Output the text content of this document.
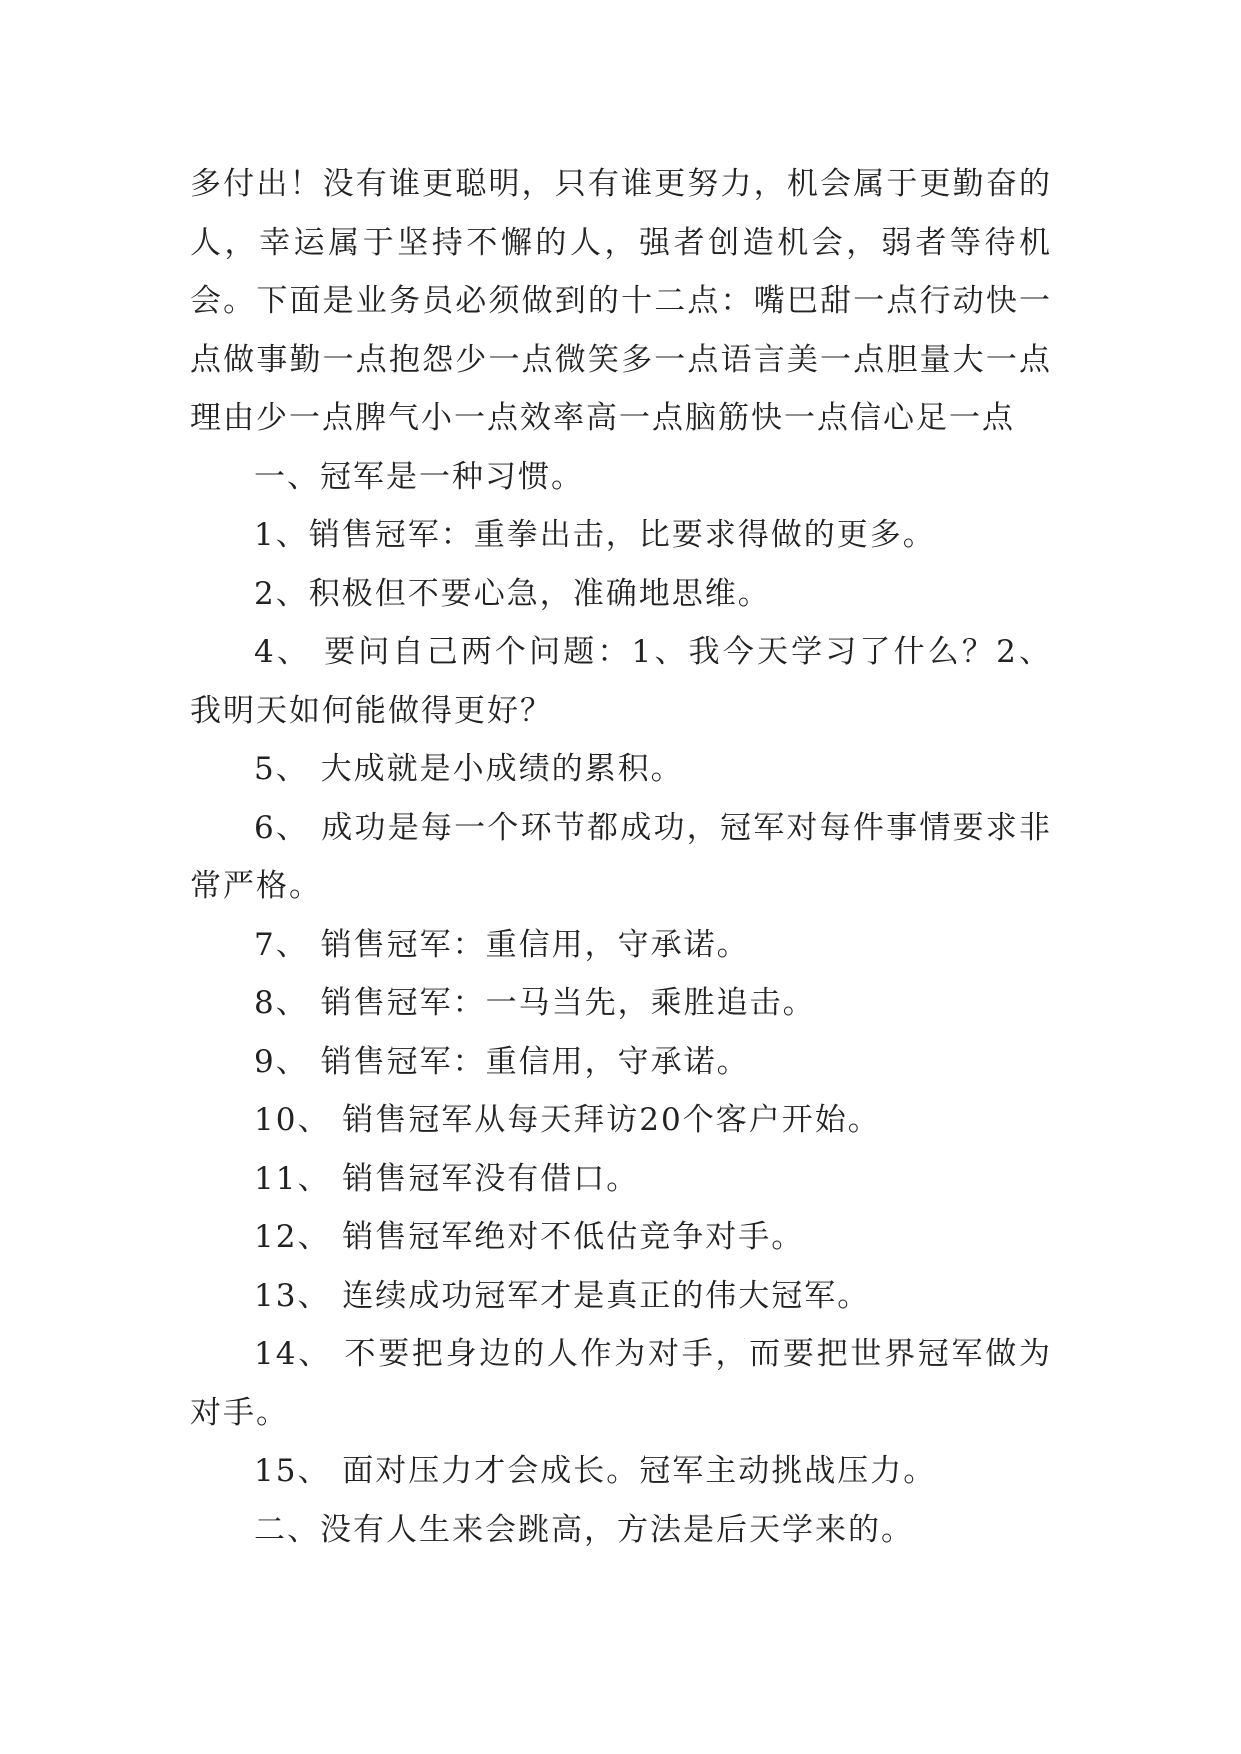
多付出！没有谁更聪明，只有谁更努力，机会属于更勤奋的人，幸运属于坚持不懈的人，强者创造机会，弱者等待机会。下面是业务员必须做到的十二点：嘴巴甜一点行动快一点做事勤一点抱怨少一点微笑多一点语言美一点胆量大一点理由少一点脾气小一点效率高一点脑筋快一点信心足一点

一、冠军是一种习惯。

1、销售冠军：重拳出击，比要求得做的更多。

2、积极但不要心急，准确地思维。

4、 要问自己两个问题：1、我今天学习了什么？2、我明天如何能做得更好？

5、 大成就是小成绩的累积。

6、 成功是每一个环节都成功，冠军对每件事情要求非常严格。

7、 销售冠军：重信用，守承诺。

8、 销售冠军：一马当先，乘胜追击。

9、 销售冠军：重信用，守承诺。

10、 销售冠军从每天拜访20个客户开始。

11、 销售冠军没有借口。

12、 销售冠军绝对不低估竞争对手。

13、 连续成功冠军才是真正的伟大冠军。

14、 不要把身边的人作为对手，而要把世界冠军做为对手。

15、 面对压力才会成长。冠军主动挑战压力。

二、没有人生来会跳高，方法是后天学来的。
